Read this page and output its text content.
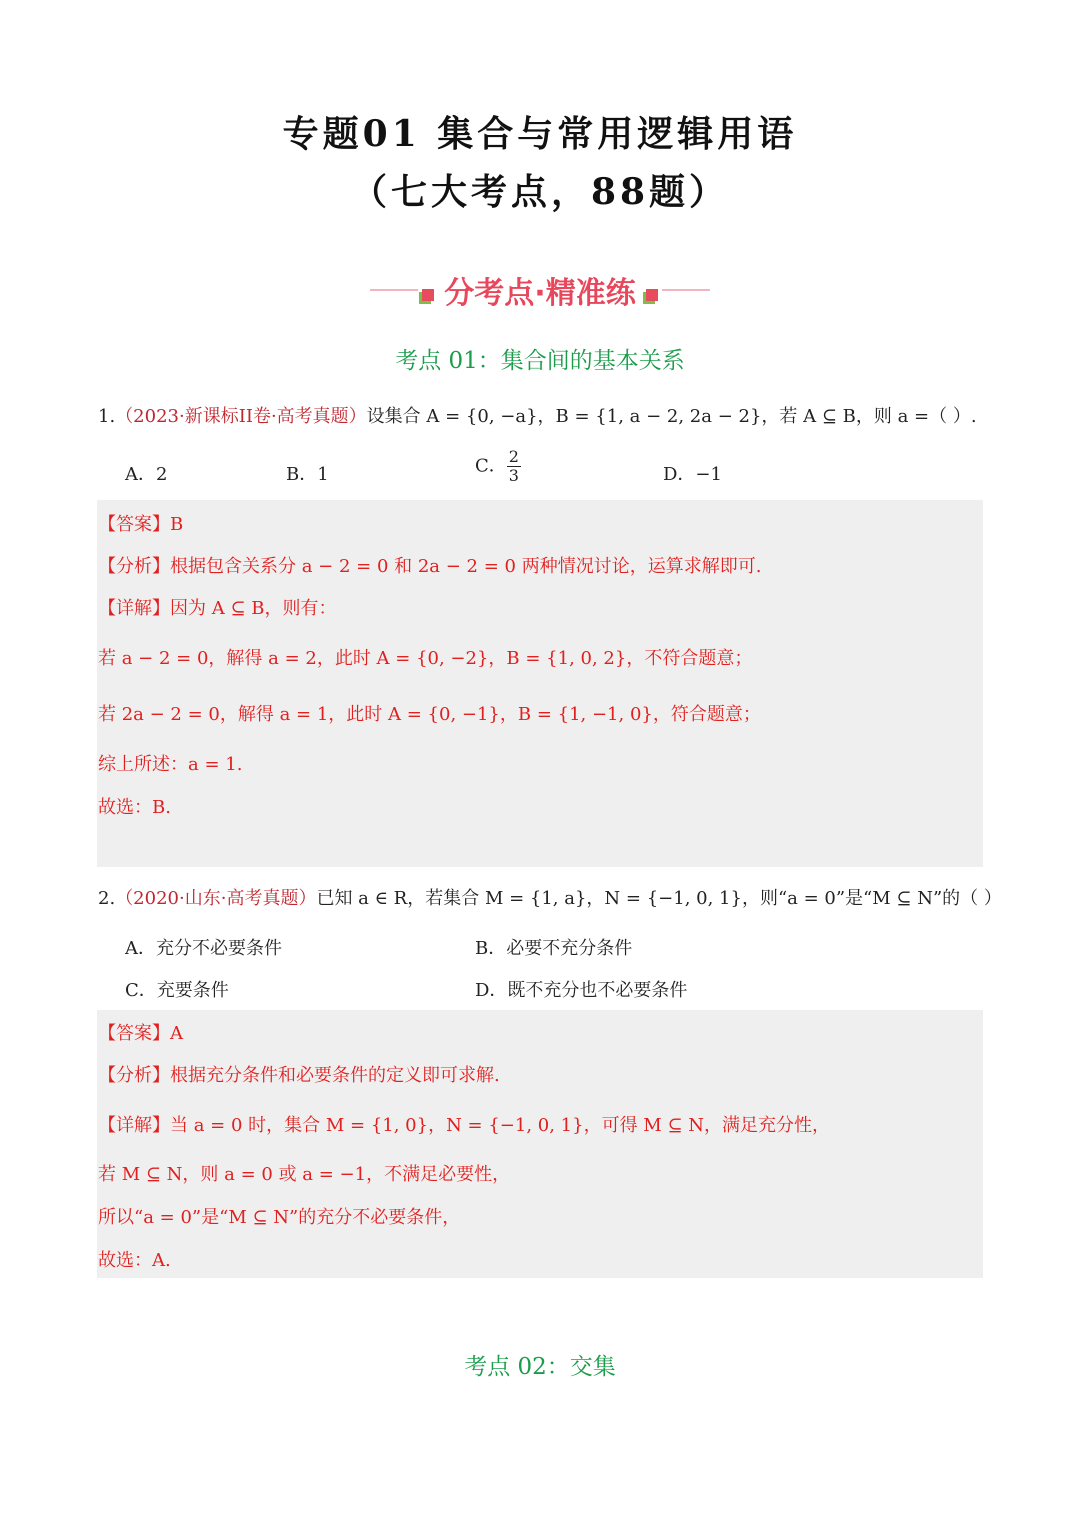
专题01 集合与常用逻辑用语
（七大考点，88题）
分考点·精准练
考点 01：集合间的基本关系
1.（2023·新课标II卷·高考真题）设集合 A = {0, −a}，B = {1, a − 2, 2a − 2}，若 A ⊆ B，则 a =（ ）.
A．2	B．1	C． $\frac{2}{3}$	D．−1
【答案】B
【分析】根据包含关系分 a − 2 = 0 和 2a − 2 = 0 两种情况讨论，运算求解即可.
【详解】因为 A ⊆ B，则有：
若 a − 2 = 0，解得 a = 2，此时 A = {0, −2}，B = {1, 0, 2}，不符合题意；
若 2a − 2 = 0，解得 a = 1，此时 A = {0, −1}，B = {1, −1, 0}，符合题意；
综上所述：a = 1.
故选：B.
2.（2020·山东·高考真题）已知 a ∈ R，若集合 M = {1, a}，N = {−1, 0, 1}，则“a = 0”是“M ⊆ N”的（ ）
A．充分不必要条件	B．必要不充分条件
C．充要条件	D．既不充分也不必要条件
【答案】A
【分析】根据充分条件和必要条件的定义即可求解.
【详解】当 a = 0 时，集合 M = {1, 0}，N = {−1, 0, 1}，可得 M ⊆ N，满足充分性，
若 M ⊆ N，则 a = 0 或 a = −1，不满足必要性，
所以“a = 0”是“M ⊆ N”的充分不必要条件，
故选：A.
考点 02：交集
